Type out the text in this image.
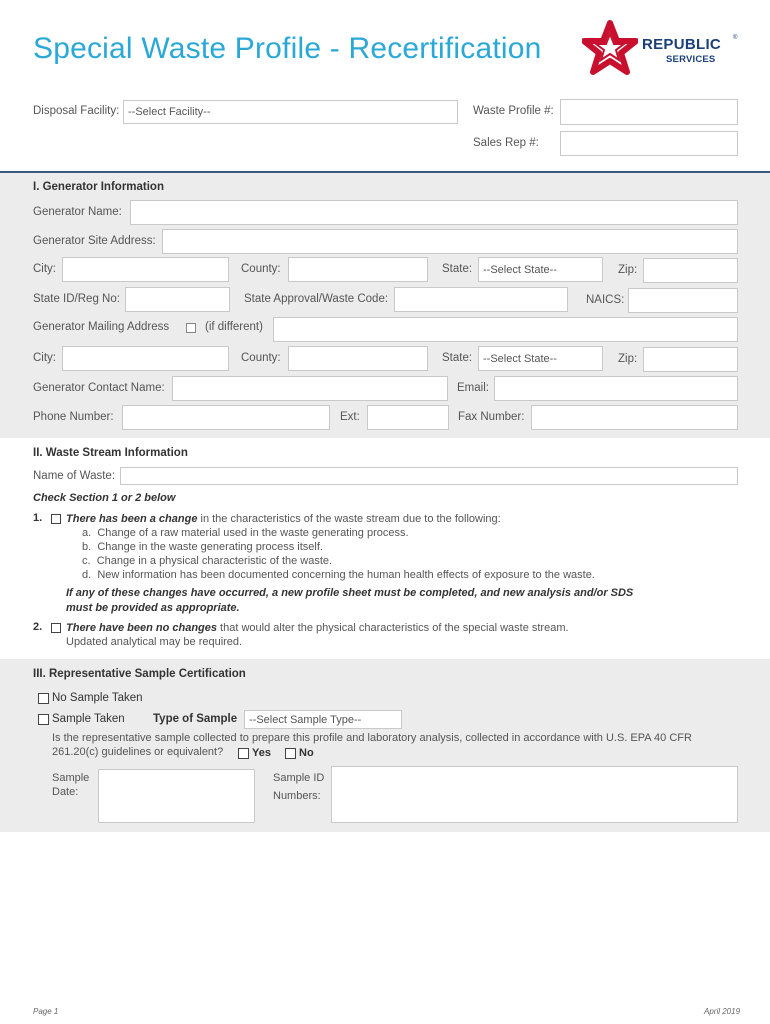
Special Waste Profile - Recertification	REPUBLIC ®
SERVICES
Disposal Facility: --Select Facility--	Waste Profile #:
Sales Rep #:
I. Generator Information
Generator Name:
Generator Site Address:
City:	County:	State: --Select State--	Zip:
State ID/Reg No:	State Approval/Waste Code:	NAICS:
Generator Mailing Address	(if different)
City:	County:	State: --Select State--	Zip:
Generator Contact Name:	Email:
Phone Number:	Ext:	Fax Number:
II. Waste Stream Information
Name of Waste:
Check Section 1 or 2 below
1. There has been a change in the characteristics of the waste stream due to the following:
a. Change of a raw material used in the waste generating process.
b. Change in the waste generating process itself.
c. Change in a physical characteristic of the waste.
d. New information has been documented concerning the human health effects of exposure to the waste.
If any of these changes have occurred, a new profile sheet must be completed, and new analysis and/or SDS
must be provided as appropriate.
2. There have been no changes that would alter the physical characteristics of the special waste stream.
Updated analytical may be required.
III. Representative Sample Certification
No Sample Taken
Sample Taken Type of Sample	--Select Sample Type--
Is the representative sample collected to prepare this profile and laboratory analysis, collected in accordance with U.S. EPA 40 CFR
261.20(c) guidelines or equivalent?	Yes	No
Sample
Date:
Sample ID
Numbers:
Page 1	April 2019
